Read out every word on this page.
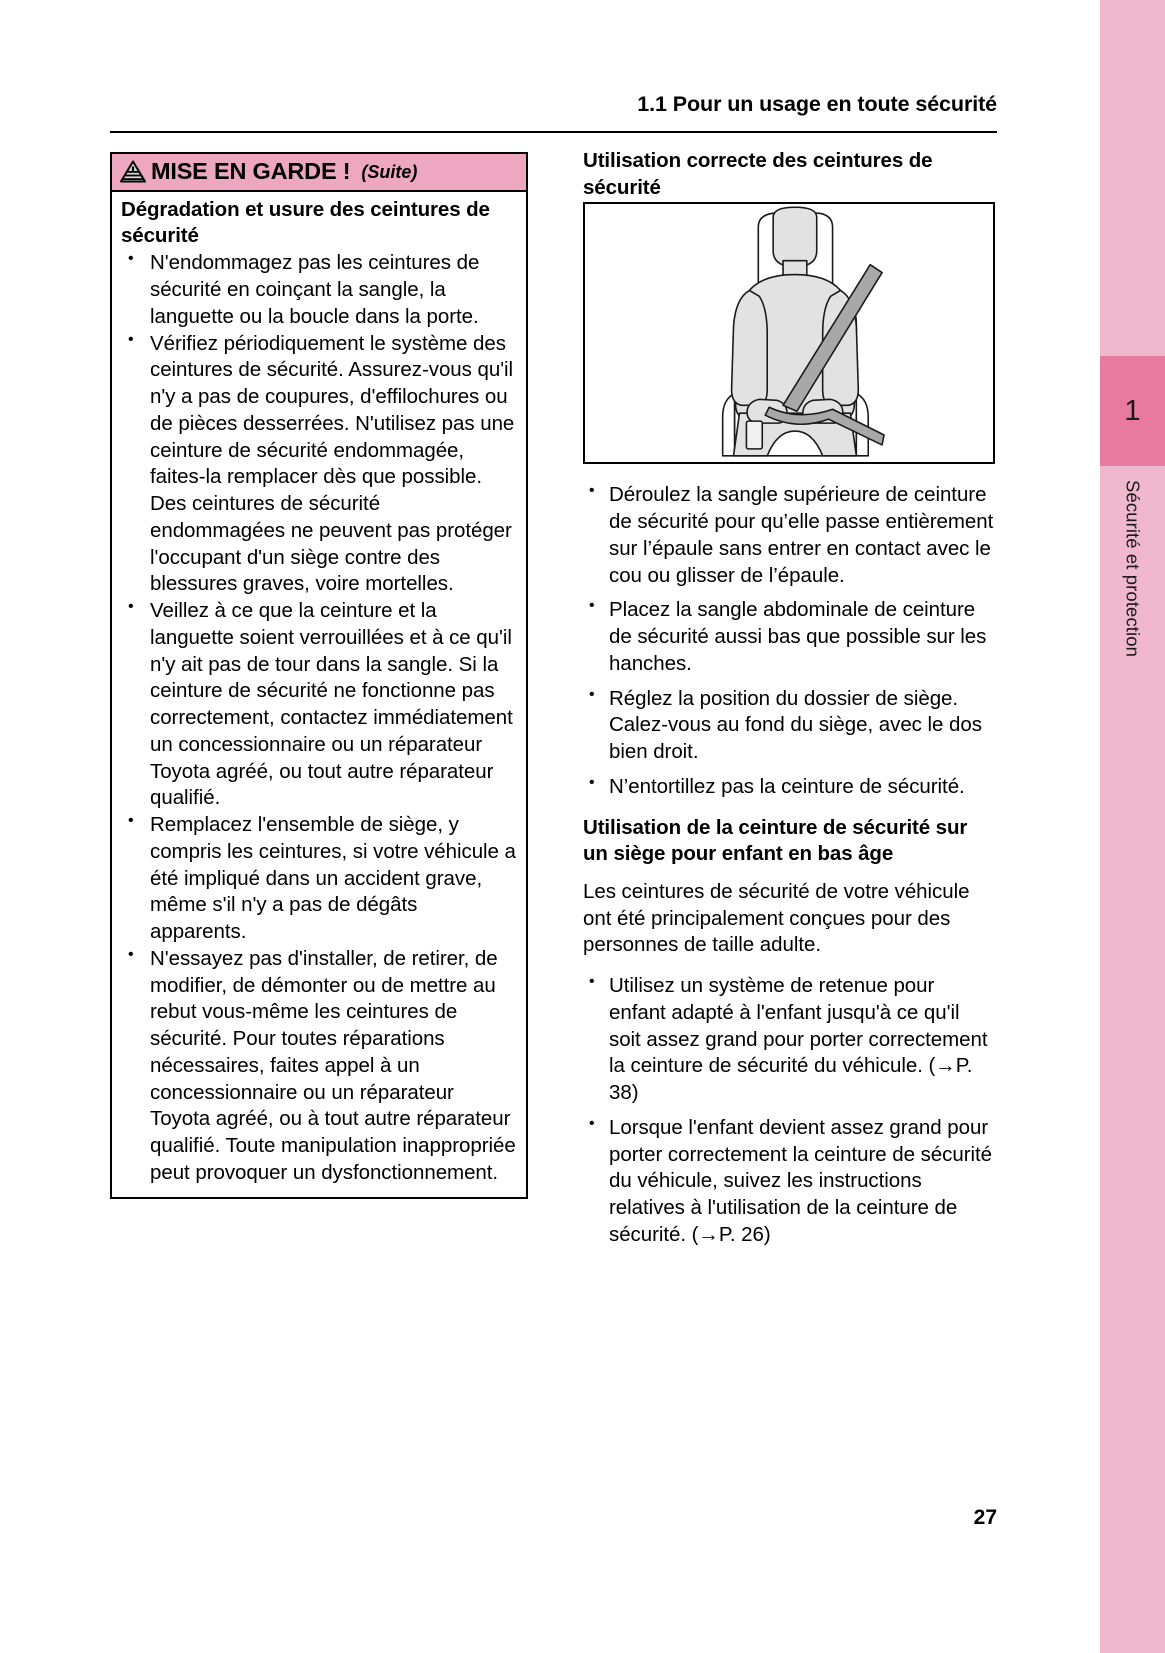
1
Sécurité et protection
1.1 Pour un usage en toute sécurité
MISE EN GARDE ! (Suite)
Dégradation et usure des ceintures de sécurité
• N'endommagez pas les ceintures de sécurité en coinçant la sangle, la languette ou la boucle dans la porte.
• Vérifiez périodiquement le système des ceintures de sécurité. Assurez-vous qu'il n'y a pas de coupures, d'effilochures ou de pièces desserrées. N'utilisez pas une ceinture de sécurité endommagée, faites-la remplacer dès que possible. Des ceintures de sécurité endommagées ne peuvent pas protéger l'occupant d'un siège contre des blessures graves, voire mortelles.
• Veillez à ce que la ceinture et la languette soient verrouillées et à ce qu'il n'y ait pas de tour dans la sangle. Si la ceinture de sécurité ne fonctionne pas correctement, contactez immédiatement un concessionnaire ou un réparateur Toyota agréé, ou tout autre réparateur qualifié.
• Remplacez l'ensemble de siège, y compris les ceintures, si votre véhicule a été impliqué dans un accident grave, même s'il n'y a pas de dégâts apparents.
• N'essayez pas d'installer, de retirer, de modifier, de démonter ou de mettre au rebut vous-même les ceintures de sécurité. Pour toutes réparations nécessaires, faites appel à un concessionnaire ou un réparateur Toyota agréé, ou à tout autre réparateur qualifié. Toute manipulation inappropriée peut provoquer un dysfonctionnement.
Utilisation correcte des ceintures de sécurité
• Déroulez la sangle supérieure de ceinture de sécurité pour qu’elle passe entièrement sur l’épaule sans entrer en contact avec le cou ou glisser de l’épaule.
• Placez la sangle abdominale de ceinture de sécurité aussi bas que possible sur les hanches.
• Réglez la position du dossier de siège. Calez-vous au fond du siège, avec le dos bien droit.
• N’entortillez pas la ceinture de sécurité.
Utilisation de la ceinture de sécurité sur un siège pour enfant en bas âge

Les ceintures de sécurité de votre véhicule ont été principalement conçues pour des personnes de taille adulte.

• Utilisez un système de retenue pour enfant adapté à l'enfant jusqu'à ce qu'il soit assez grand pour porter correctement la ceinture de sécurité du véhicule. (→P. 38)
• Lorsque l'enfant devient assez grand pour porter correctement la ceinture de sécurité du véhicule, suivez les instructions relatives à l'utilisation de la ceinture de sécurité. (→P. 26)
27
